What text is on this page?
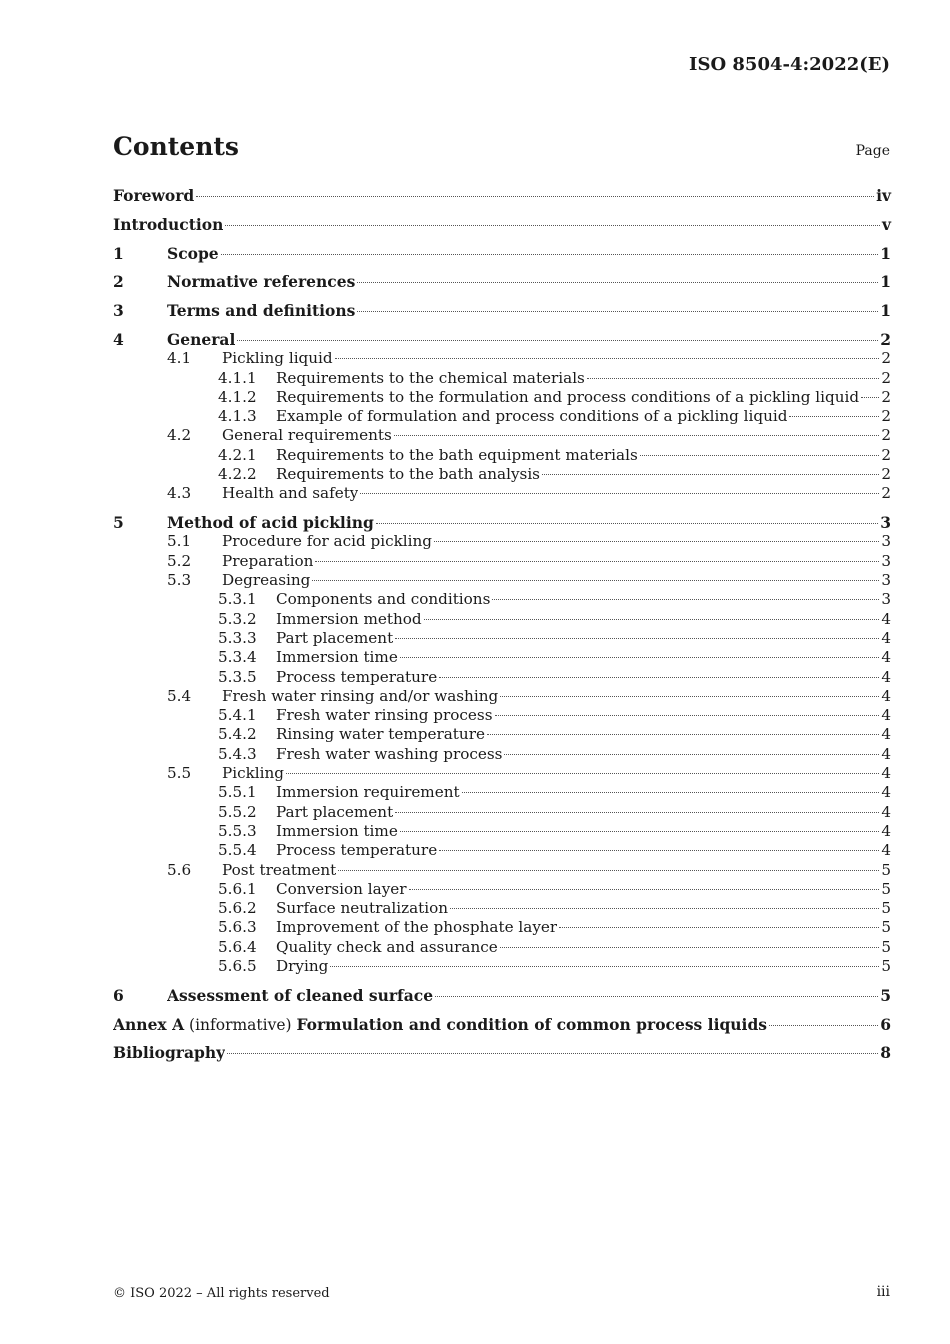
ISO 8504-4:2022(E)
Contents	Page
Foreword	iv
Introduction	v
1	Scope	1
2	Normative references	1
3	Terms and definitions	1
4	General	2
4.1	Pickling liquid	2
4.1.1	Requirements to the chemical materials	2
4.1.2	Requirements to the formulation and process conditions of a pickling liquid 2
4.1.3	Example of formulation and process conditions of a pickling liquid	2
4.2	General requirements	2
4.2.1	Requirements to the bath equipment materials	2
4.2.2	Requirements to the bath analysis	2
4.3	Health and safety	2
5	Method of acid pickling	3
5.1	Procedure for acid pickling	3
5.2	Preparation	3
5.3	Degreasing	3
5.3.1	Components and conditions	3
5.3.2	Immersion method	4
5.3.3	Part placement	4
5.3.4	Immersion time	4
5.3.5	Process temperature	4
5.4	Fresh water rinsing and/or washing	4
5.4.1	Fresh water rinsing process	4
5.4.2	Rinsing water temperature	4
5.4.3	Fresh water washing process	4
5.5	Pickling	4
5.5.1	Immersion requirement	4
5.5.2	Part placement	4
5.5.3	Immersion time	4
5.5.4	Process temperature	4
5.6	Post treatment	5
5.6.1	Conversion layer	5
5.6.2	Surface neutralization	5
5.6.3	Improvement of the phosphate layer	5
5.6.4	Quality check and assurance	5
5.6.5	Drying	5
6	Assessment of cleaned surface	5
Annex A (informative) Formulation and condition of common process liquids	6
Bibliography	8
© ISO 2022 – All rights reserved	iii
